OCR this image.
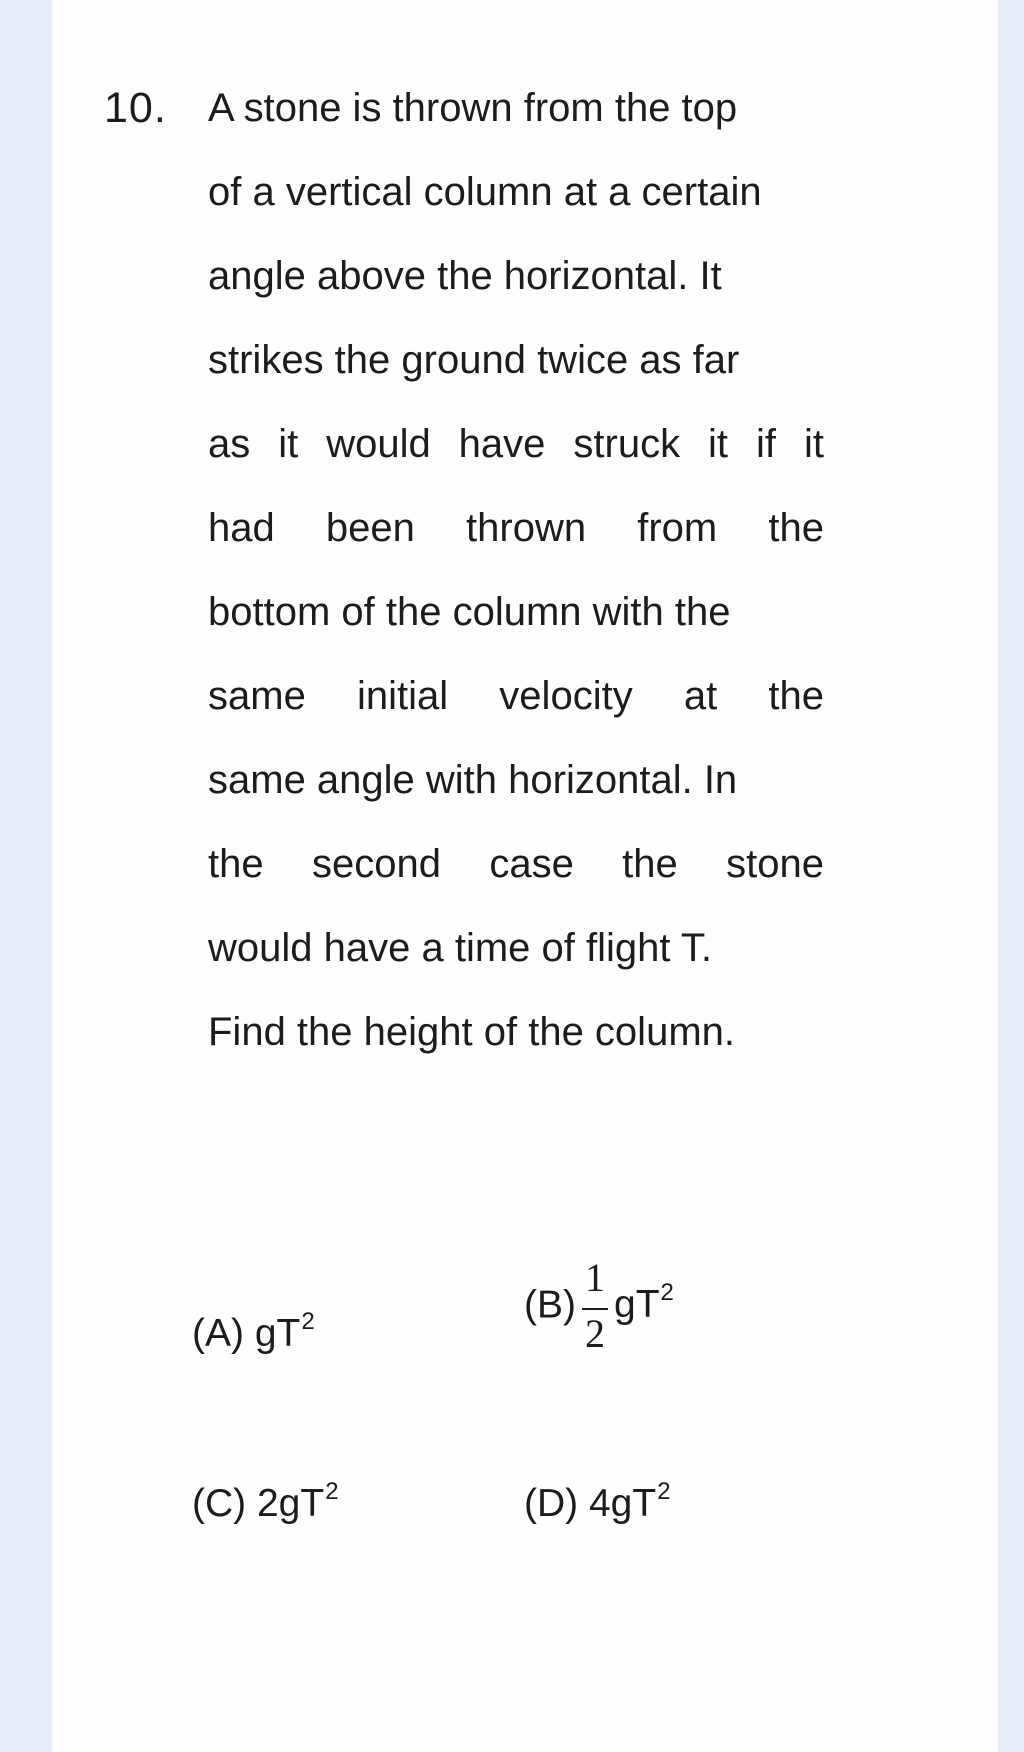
10. A stone is thrown from the top
of a vertical column at a certain
angle above the horizontal. It
strikes the ground twice as far
as it would have struck it if it
had been thrown from the
bottom of the column with the
same initial velocity at the
same angle with horizontal. In
the second case the stone
would have a time of flight T.
Find the height of the column.
(A) $gT^2$	$(B) \frac{1}{2} gT^2$
(C) $2gT^2$	(D) $4gT^2$
